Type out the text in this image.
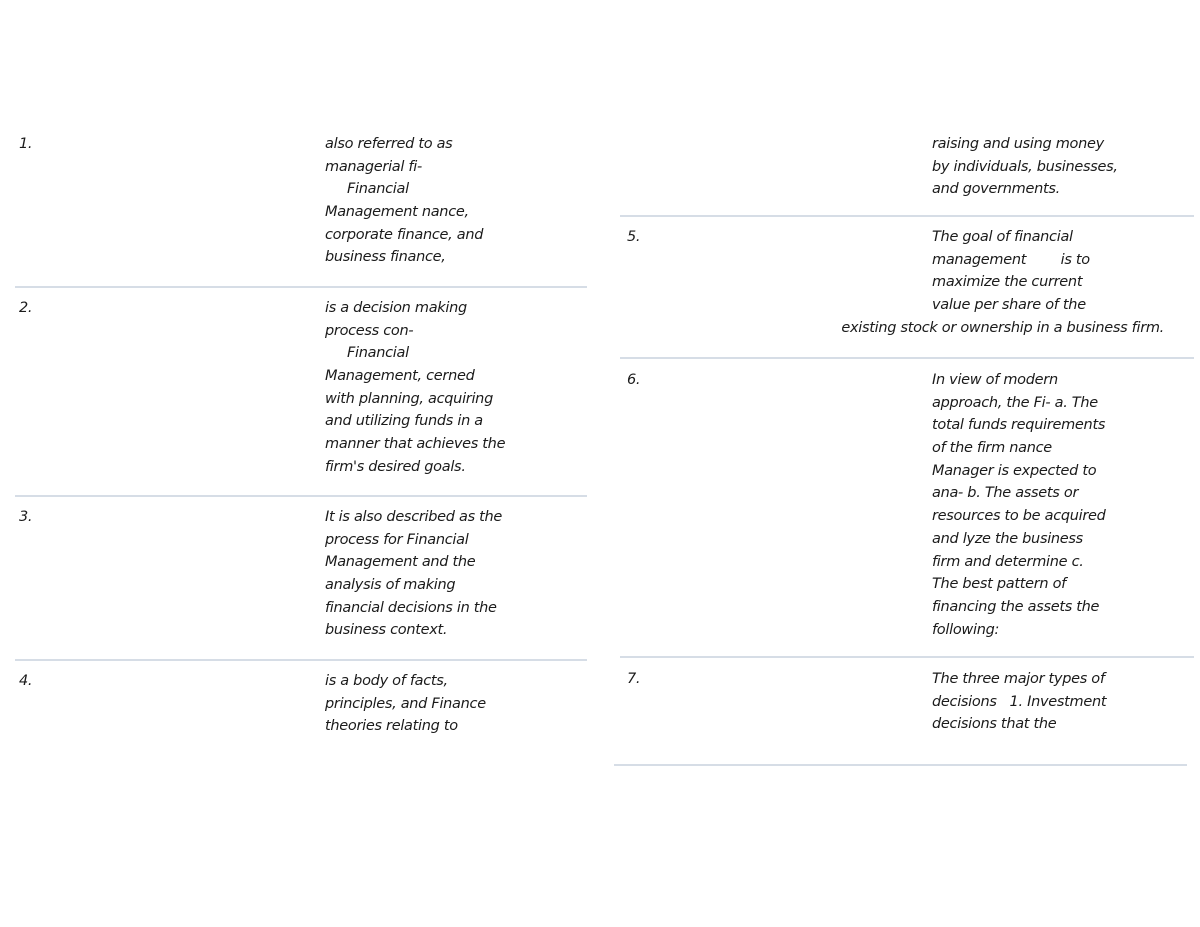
1.	also referred to as
managerial fi-
Financial
Management nance,
corporate finance, and
business finance,
2.	is a decision making
process con-
Financial
Management, cerned
with planning, acquiring
and utilizing funds in a
manner that achieves the
firm's desired goals.
3.	It is also described as the
process for Financial
Management and the
analysis of making
financial decisions in the
business context.
4.	is a body of facts,
principles, and Finance
theories relating to
raising and using money
by individuals, businesses,
and governments.
5.	The goal of financial
management        is to
maximize the current
value per share of the
existing stock or ownership in a business firm.
6.	In view of modern
approach, the Fi- a. The
total funds requirements
of the firm nance
Manager is expected to
ana- b. The assets or
resources to be acquired
and lyze the business
firm and determine c.
The best pattern of
financing the assets the
following:
7.	The three major types of
decisions   1. Investment
decisions that the
